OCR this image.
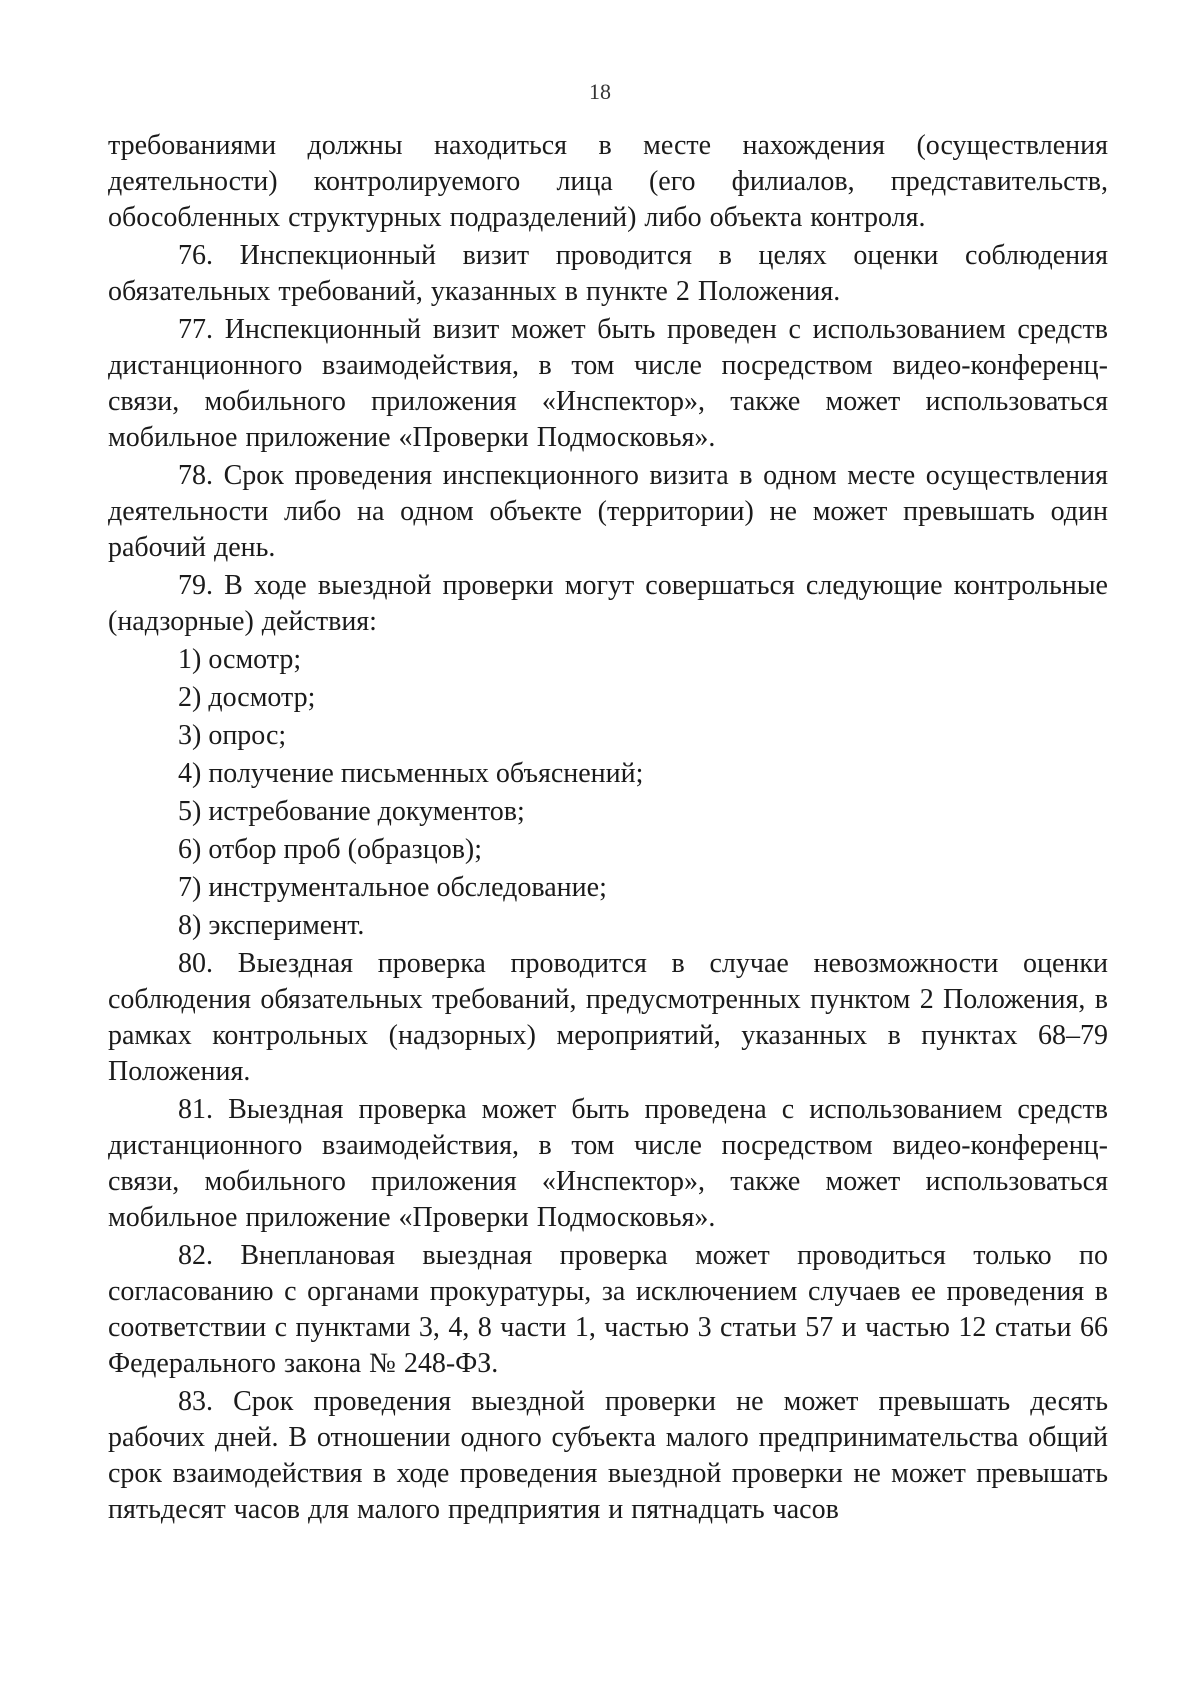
18

требованиями должны находиться в месте нахождения (осуществления деятельности) контролируемого лица (его филиалов, представительств, обособленных структурных подразделений) либо объекта контроля.

76. Инспекционный визит проводится в целях оценки соблюдения обязательных требований, указанных в пункте 2 Положения.

77. Инспекционный визит может быть проведен с использованием средств дистанционного взаимодействия, в том числе посредством видео-конференц-связи, мобильного приложения «Инспектор», также может использоваться мобильное приложение «Проверки Подмосковья».

78. Срок проведения инспекционного визита в одном месте осуществления деятельности либо на одном объекте (территории) не может превышать один рабочий день.

79. В ходе выездной проверки могут совершаться следующие контрольные (надзорные) действия:

1) осмотр;
2) досмотр;
3) опрос;
4) получение письменных объяснений;
5) истребование документов;
6) отбор проб (образцов);
7) инструментальное обследование;
8) эксперимент.

80. Выездная проверка проводится в случае невозможности оценки соблюдения обязательных требований, предусмотренных пунктом 2 Положения, в рамках контрольных (надзорных) мероприятий, указанных в пунктах 68–79 Положения.

81. Выездная проверка может быть проведена с использованием средств дистанционного взаимодействия, в том числе посредством видео-конференц-связи, мобильного приложения «Инспектор», также может использоваться мобильное приложение «Проверки Подмосковья».

82. Внеплановая выездная проверка может проводиться только по согласованию с органами прокуратуры, за исключением случаев ее проведения в соответствии с пунктами 3, 4, 8 части 1, частью 3 статьи 57 и частью 12 статьи 66 Федерального закона № 248-ФЗ.

83. Срок проведения выездной проверки не может превышать десять рабочих дней. В отношении одного субъекта малого предпринимательства общий срок взаимодействия в ходе проведения выездной проверки не может превышать пятьдесят часов для малого предприятия и пятнадцать часов
